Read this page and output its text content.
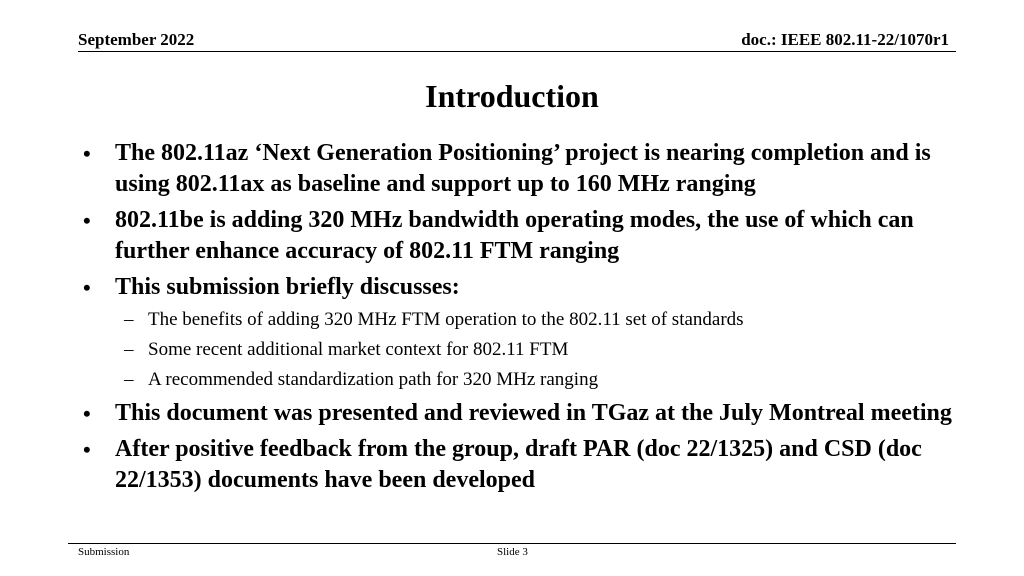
September 2022	doc.: IEEE 802.11-22/1070r1
Introduction
• The 802.11az ‘Next Generation Positioning’ project is nearing completion and is using 802.11ax as baseline and support up to 160 MHz ranging
• 802.11be is adding 320 MHz bandwidth operating modes, the use of which can further enhance accuracy of 802.11 FTM ranging
• This submission briefly discusses:
– The benefits of adding 320 MHz FTM operation to the 802.11 set of standards
– Some recent additional market context for 802.11 FTM
– A recommended standardization path for 320 MHz ranging
• This document was presented and reviewed in TGaz at the July Montreal meeting
• After positive feedback from the group, draft PAR (doc 22/1325) and CSD (doc 22/1353) documents have been developed
Submission	Slide 3
